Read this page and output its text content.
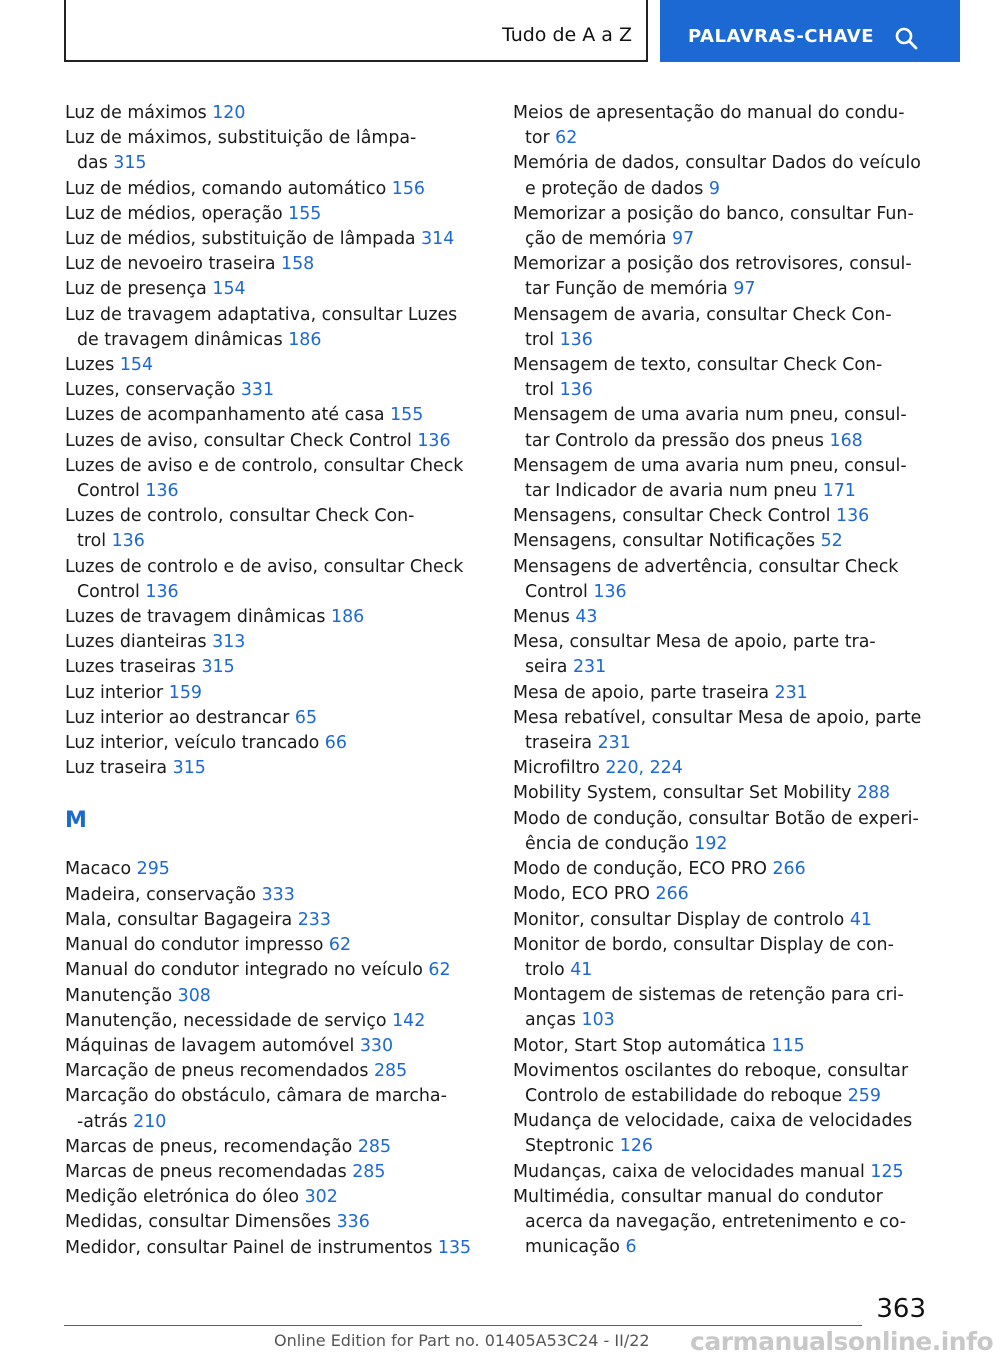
Tudo de A a Z	PALAVRAS-CHAVE
Luz de máximos 120
Luz de máximos, substituição de lâmpa-
das 315
Luz de médios, comando automático 156
Luz de médios, operação 155
Luz de médios, substituição de lâmpada 314
Luz de nevoeiro traseira 158
Luz de presença 154
Luz de travagem adaptativa, consultar Luzes
de travagem dinâmicas 186
Luzes 154
Luzes, conservação 331
Luzes de acompanhamento até casa 155
Luzes de aviso, consultar Check Control 136
Luzes de aviso e de controlo, consultar Check
Control 136
Luzes de controlo, consultar Check Con-
trol 136
Luzes de controlo e de aviso, consultar Check
Control 136
Luzes de travagem dinâmicas 186
Luzes dianteiras 313
Luzes traseiras 315
Luz interior 159
Luz interior ao destrancar 65
Luz interior, veículo trancado 66
Luz traseira 315
M
Macaco 295
Madeira, conservação 333
Mala, consultar Bagageira 233
Manual do condutor impresso 62
Manual do condutor integrado no veículo 62
Manutenção 308
Manutenção, necessidade de serviço 142
Máquinas de lavagem automóvel 330
Marcação de pneus recomendados 285
Marcação do obstáculo, câmara de marcha-
-atrás 210
Marcas de pneus, recomendação 285
Marcas de pneus recomendadas 285
Medição eletrónica do óleo 302
Medidas, consultar Dimensões 336
Medidor, consultar Painel de instrumentos 135
Meios de apresentação do manual do condu-
tor 62
Memória de dados, consultar Dados do veículo
e proteção de dados 9
Memorizar a posição do banco, consultar Fun-
ção de memória 97
Memorizar a posição dos retrovisores, consul-
tar Função de memória 97
Mensagem de avaria, consultar Check Con-
trol 136
Mensagem de texto, consultar Check Con-
trol 136
Mensagem de uma avaria num pneu, consul-
tar Controlo da pressão dos pneus 168
Mensagem de uma avaria num pneu, consul-
tar Indicador de avaria num pneu 171
Mensagens, consultar Check Control 136
Mensagens, consultar Notificações 52
Mensagens de advertência, consultar Check
Control 136
Menus 43
Mesa, consultar Mesa de apoio, parte tra-
seira 231
Mesa de apoio, parte traseira 231
Mesa rebatível, consultar Mesa de apoio, parte
traseira 231
Microfiltro 220, 224
Mobility System, consultar Set Mobility 288
Modo de condução, consultar Botão de experi-
ência de condução 192
Modo de condução, ECO PRO 266
Modo, ECO PRO 266
Monitor, consultar Display de controlo 41
Monitor de bordo, consultar Display de con-
trolo 41
Montagem de sistemas de retenção para cri-
anças 103
Motor, Start Stop automática 115
Movimentos oscilantes do reboque, consultar
Controlo de estabilidade do reboque 259
Mudança de velocidade, caixa de velocidades
Steptronic 126
Mudanças, caixa de velocidades manual 125
Multimédia, consultar manual do condutor
acerca da navegação, entretenimento e co-
municação 6
363
Online Edition for Part no. 01405A53C24 - II/22 carmanualsonline.info
